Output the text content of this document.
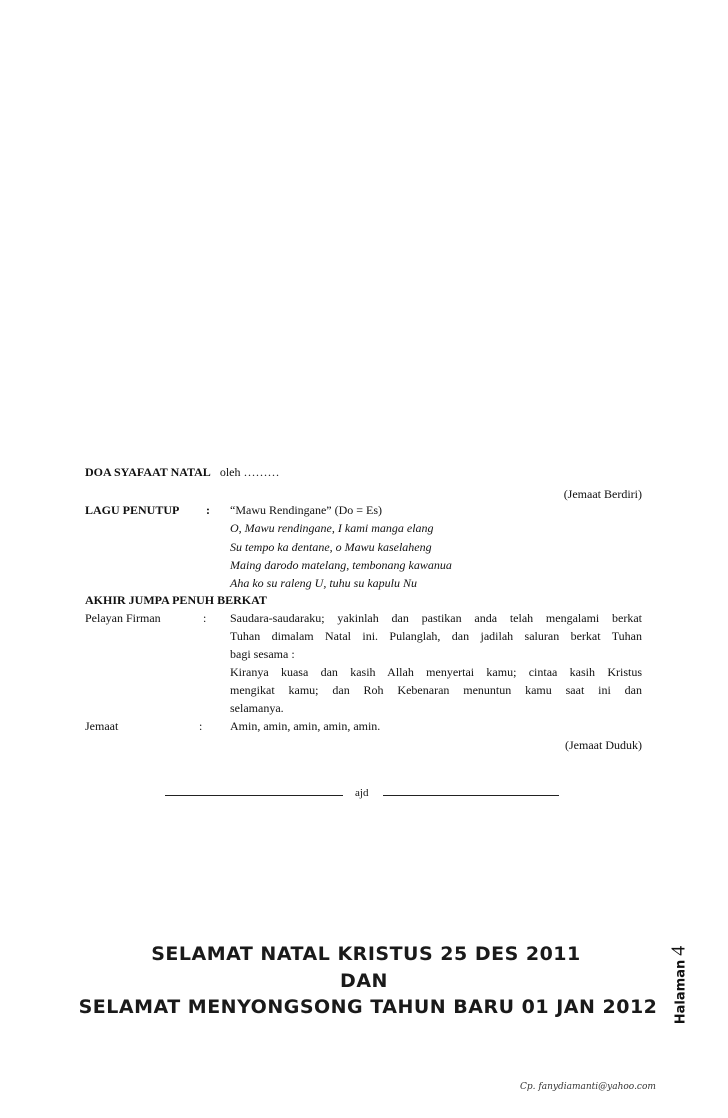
DOA SYAFAAT NATAL oleh ………
(Jemaat Berdiri)
LAGU PENUTUP : “Mawu Rendingane” (Do = Es)
O, Mawu rendingane, I kami manga elang
Su tempo ka dentane, o Mawu kaselaheng
Maing darodo matelang, tembonang kawanua
Aha ko su raleng U, tuhu su kapulu Nu
AKHIR JUMPA PENUH BERKAT
Pelayan Firman	: Saudara-saudaraku; yakinlah dan pastikan anda telah mengalami berkat
Tuhan dimalam Natal ini. Pulanglah, dan jadilah saluran berkat Tuhan
bagi sesama :
Kiranya kuasa dan kasih Allah menyertai kamu; cintaa kasih Kristus
mengikat kamu; dan Roh Kebenaran menuntun kamu saat ini dan
selamanya.
Jemaat	: Amin, amin, amin, amin, amin.
(Jemaat Duduk)
ajd
SELAMAT NATAL KRISTUS 25 DES 2011
DAN
SELAMAT MENYONGSONG TAHUN BARU 01 JAN 2012	Halaman4
Cp. fanydiamanti@yahoo.com
